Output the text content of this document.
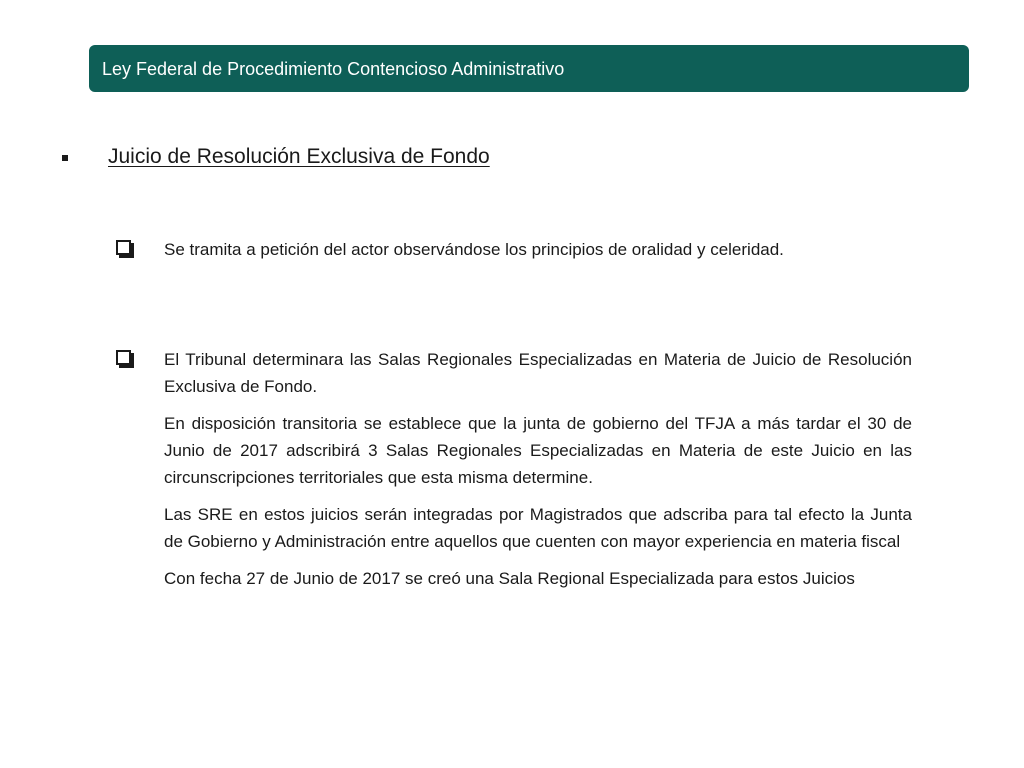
Ley Federal de Procedimiento Contencioso Administrativo
Juicio de Resolución Exclusiva de Fondo

Se tramita a petición del actor observándose los principios de oralidad y celeridad.

El Tribunal determinara las Salas Regionales Especializadas en Materia de Juicio de Resolución Exclusiva de Fondo.

En disposición transitoria se establece que la junta de gobierno del TFJA a más tardar el 30 de Junio de 2017 adscribirá 3 Salas Regionales Especializadas en Materia de este Juicio en las circunscripciones territoriales que esta misma determine.

Las SRE en estos juicios serán integradas por Magistrados que adscriba para tal efecto la Junta de Gobierno y Administración entre aquellos que cuenten con mayor experiencia en materia fiscal

Con fecha 27 de Junio de 2017 se creó una Sala Regional Especializada para estos Juicios
